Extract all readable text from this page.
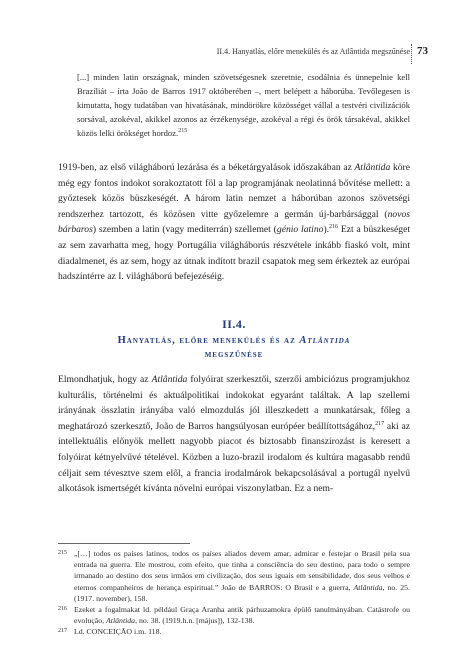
II.4. Hanyatlás, előre menekülés és az Atlântida megszűnése 73

[...] minden latin országnak, minden szövetségesnek szeretnie, csodálnia és ünnepelnie kell Brazíliát – írta João de Barros 1917 októberében –, mert belépett a háborúba. Tevőlegesen is kimutatta, hogy tudatában van hivatásának, mindörökre közösséget vállal a testvéri civilizációk sorsával, azokéval, akikkel azonos az érzékenysége, azokéval a régi és örök társakéval, akikkel közös lelki örökséget hordoz.$^{215}$

1919-ben, az első világháború lezárása és a béketárgyalások időszakában az Atlântida köre még egy fontos indokot sorakoztatott föl a lap programjának neolatinná bővítése mellett: a győztesek közös büszkeségét. A három latin nemzet a háborúban azonos szövetségi rendszerhez tartozott, és közösen vitte győzelemre a germán új-barbársággal (novos bárbaros) szemben a latin (vagy mediterrán) szellemet (génio latino).$^{216}$ Ezt a büszkeséget az sem zavarhatta meg, hogy Portugália világháborús részvétele inkább fiaskó volt, mint diadalmenet, és az sem, hogy az útnak indított brazil csapatok meg sem érkeztek az európai hadszíntérre az I. világháború befejezéséig.

II.4.
Hanyatlás, előre menekülés és az Atlântida
megszűnése

Elmondhatjuk, hogy az Atlântida folyóirat szerkesztői, szerzői ambiciózus programjukhoz kulturális, történelmi és aktuálpolitikai indokokat egyaránt találtak. A lap szellemi irányának összlatin irányába való elmozdulás jól illeszkedett a munkatársak, főleg a meghatározó szerkesztő, João de Barros hangsúlyosan európéer beállítottságához,$^{217}$ aki az intellektuális előnyök mellett nagyobb piacot és biztosabb finanszírozást is keresett a folyóirat kétnyelvűvé tételével. Közben a luzo-brazil irodalom és kultúra magasabb rendű céljait sem tévesztve szem elől, a francia irodalmárok bekapcsolásával a portugál nyelvű alkotások ismertségét kívánta növelni európai viszonylatban. Ez a nem-

215 „[…] todos os países latinos, todos os países aliados devem amar, admirar e festejar o Brasil pela sua entrada na guerra. Ele mostrou, com efeito, que tinha a consciência do seu destino, para todo o sempre irmanado ao destino dos seus irmãos em civilização, dos seus iguais em sensibilidade, dos seus velhos e eternos companheiros de herança espiritual.” João de BARROS: O Brasil e a guerra, Atlântida, no. 25. (1917. november), 158.

216 Ezeket a fogalmakat ld. például Graça Aranha antik párhuzamokra épülő tanulmányában. Catástrofe ou evolução, Atlântida, no. 38. (1919.h.n. [május]), 132-138.

217 Ld. CONCEIÇÃO i.m. 118.
